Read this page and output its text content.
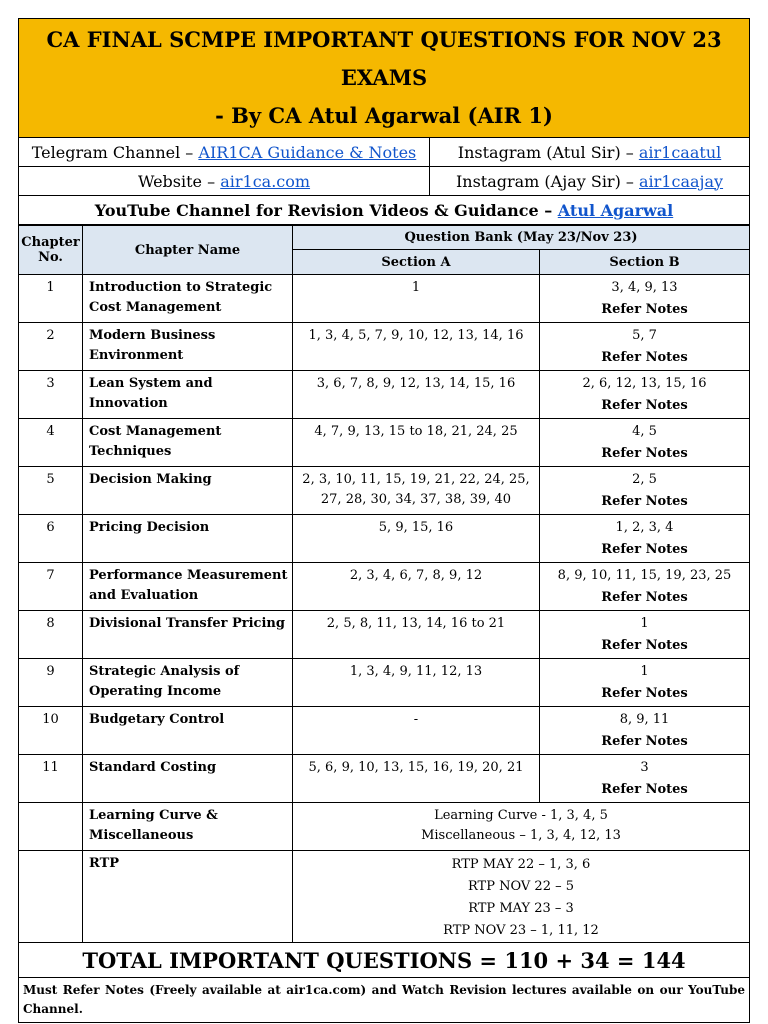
CA FINAL SCMPE IMPORTANT QUESTIONS FOR NOV 23 EXAMS
- By CA Atul Agarwal (AIR 1)	

Telegram Channel – AIR1CA Guidance & Notes	Instagram (Atul Sir) – air1caatul
Website – air1ca.com	Instagram (Ajay Sir) – air1caajay
YouTube Channel for Revision Videos & Guidance – Atul Agarwal	
Chapter No.	Chapter Name	Question Bank (May 23/Nov 23)	
		Section A	Section B
1	Introduction to Strategic Cost Management	1	3, 4, 9, 13
Refer Notes

2	Modern Business Environment	1, 3, 4, 5, 7, 9, 10, 12, 13, 14, 16	5, 7
Refer Notes

3	Lean System and Innovation	3, 6, 7, 8, 9, 12, 13, 14, 15, 16	2, 6, 12, 13, 15, 16
Refer Notes

4	Cost Management Techniques	4, 7, 9, 13, 15 to 18, 21, 24, 25	4, 5
Refer Notes

5	Decision Making	2, 3, 10, 11, 15, 19, 21, 22, 24, 25, 27, 28, 30, 34, 37, 38, 39, 40	2, 5
Refer Notes

6	Pricing Decision	5, 9, 15, 16	1, 2, 3, 4
Refer Notes

7	Performance Measurement and Evaluation	2, 3, 4, 6, 7, 8, 9, 12	8, 9, 10, 11, 15, 19, 23, 25
Refer Notes

8	Divisional Transfer Pricing	2, 5, 8, 11, 13, 14, 16 to 21	1
Refer Notes

9	Strategic Analysis of Operating Income	1, 3, 4, 9, 11, 12, 13	1
Refer Notes

10	Budgetary Control	-	8, 9, 11
Refer Notes

11	Standard Costing	5, 6, 9, 10, 13, 15, 16, 19, 20, 21	3
Refer Notes

	Learning Curve & Miscellaneous	Learning Curve - 1, 3, 4, 5
Miscellaneous – 1, 3, 4, 12, 13	

	RTP	RTP MAY 22 – 1, 3, 6
RTP NOV 22 – 5
RTP MAY 23 – 3
RTP NOV 23 – 1, 11, 12	

TOTAL IMPORTANT QUESTIONS = 110 + 34 = 144			
Must Refer Notes (Freely available at air1ca.com) and Watch Revision lectures available on our YouTube Channel.			
